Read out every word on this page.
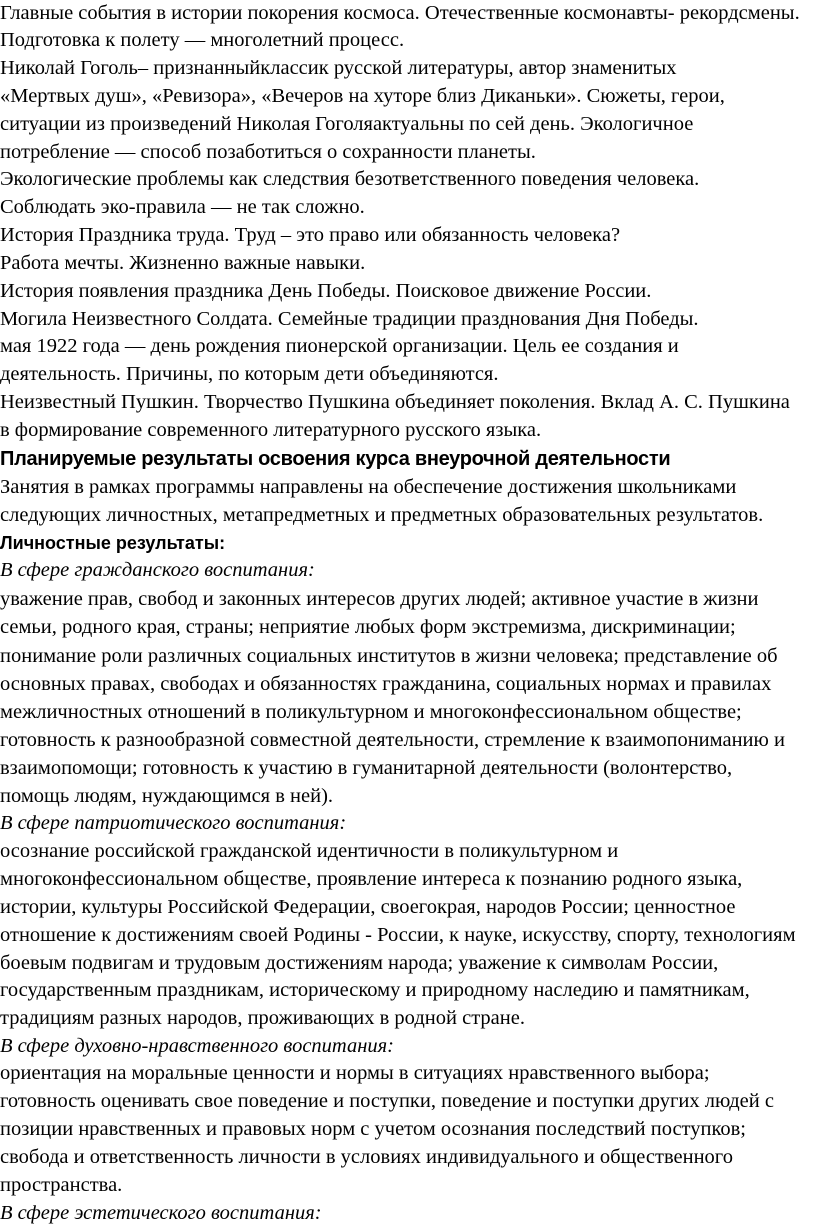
Главные события в истории покорения космоса. Отечественные космонавты- рекордсмены.

Подготовка к полету — многолетний процесс.

Николай Гоголь– признанныйклассик русской литературы, автор знаменитых

«Мертвых душ», «Ревизора», «Вечеров на хуторе близ Диканьки». Сюжеты, герои,

ситуации из произведений Николая Гоголяактуальны по сей день. Экологичное

потребление — способ позаботиться о сохранности планеты.

Экологические проблемы как следствия безответственного поведения человека.

Соблюдать эко-правила — не так сложно.

История Праздника труда. Труд – это право или обязанность человека?

Работа мечты. Жизненно важные навыки.

История появления праздника День Победы. Поисковое движение России.

Могила Неизвестного Солдата. Семейные традиции празднования Дня Победы.

мая 1922 года — день рождения пионерской организации. Цель ее создания и

деятельность. Причины, по которым дети объединяются.

Неизвестный Пушкин. Творчество Пушкина объединяет поколения. Вклад А. С. Пушкина

в формирование современного литературного русского языка.

Планируемые результаты освоения курса внеурочной деятельности

Занятия в рамках программы направлены на обеспечение достижения школьниками

следующих личностных, метапредметных и предметных образовательных результатов.

Личностные результаты:

В сфере гражданского воспитания:

уважение прав, свобод и законных интересов других людей; активное участие в жизни

семьи, родного края, страны; неприятие любых форм экстремизма, дискриминации;

понимание роли различных социальных институтов в жизни человека; представление об

основных правах, свободах и обязанностях гражданина, социальных нормах и правилах

межличностных отношений в поликультурном и многоконфессиональном обществе;

готовность к разнообразной совместной деятельности, стремление к взаимопониманию и

взаимопомощи; готовность к участию в гуманитарной деятельности (волонтерство,

помощь людям, нуждающимся в ней).

В сфере патриотического воспитания:

осознание российской гражданской идентичности в поликультурном и

многоконфессиональном обществе, проявление интереса к познанию родного языка,

истории, культуры Российской Федерации, своегокрая, народов России; ценностное

отношение к достижениям своей Родины - России, к науке, искусству, спорту, технологиям

боевым подвигам и трудовым достижениям народа; уважение к символам России,

государственным праздникам, историческому и природному наследию и памятникам,

традициям разных народов, проживающих в родной стране.

В сфере духовно-нравственного воспитания:

ориентация на моральные ценности и нормы в ситуациях нравственного выбора;

готовность оценивать свое поведение и поступки, поведение и поступки других людей с

позиции нравственных и правовых норм с учетом осознания последствий поступков;

свобода и ответственность личности в условиях индивидуального и общественного

пространства.

В сфере эстетического воспитания:
